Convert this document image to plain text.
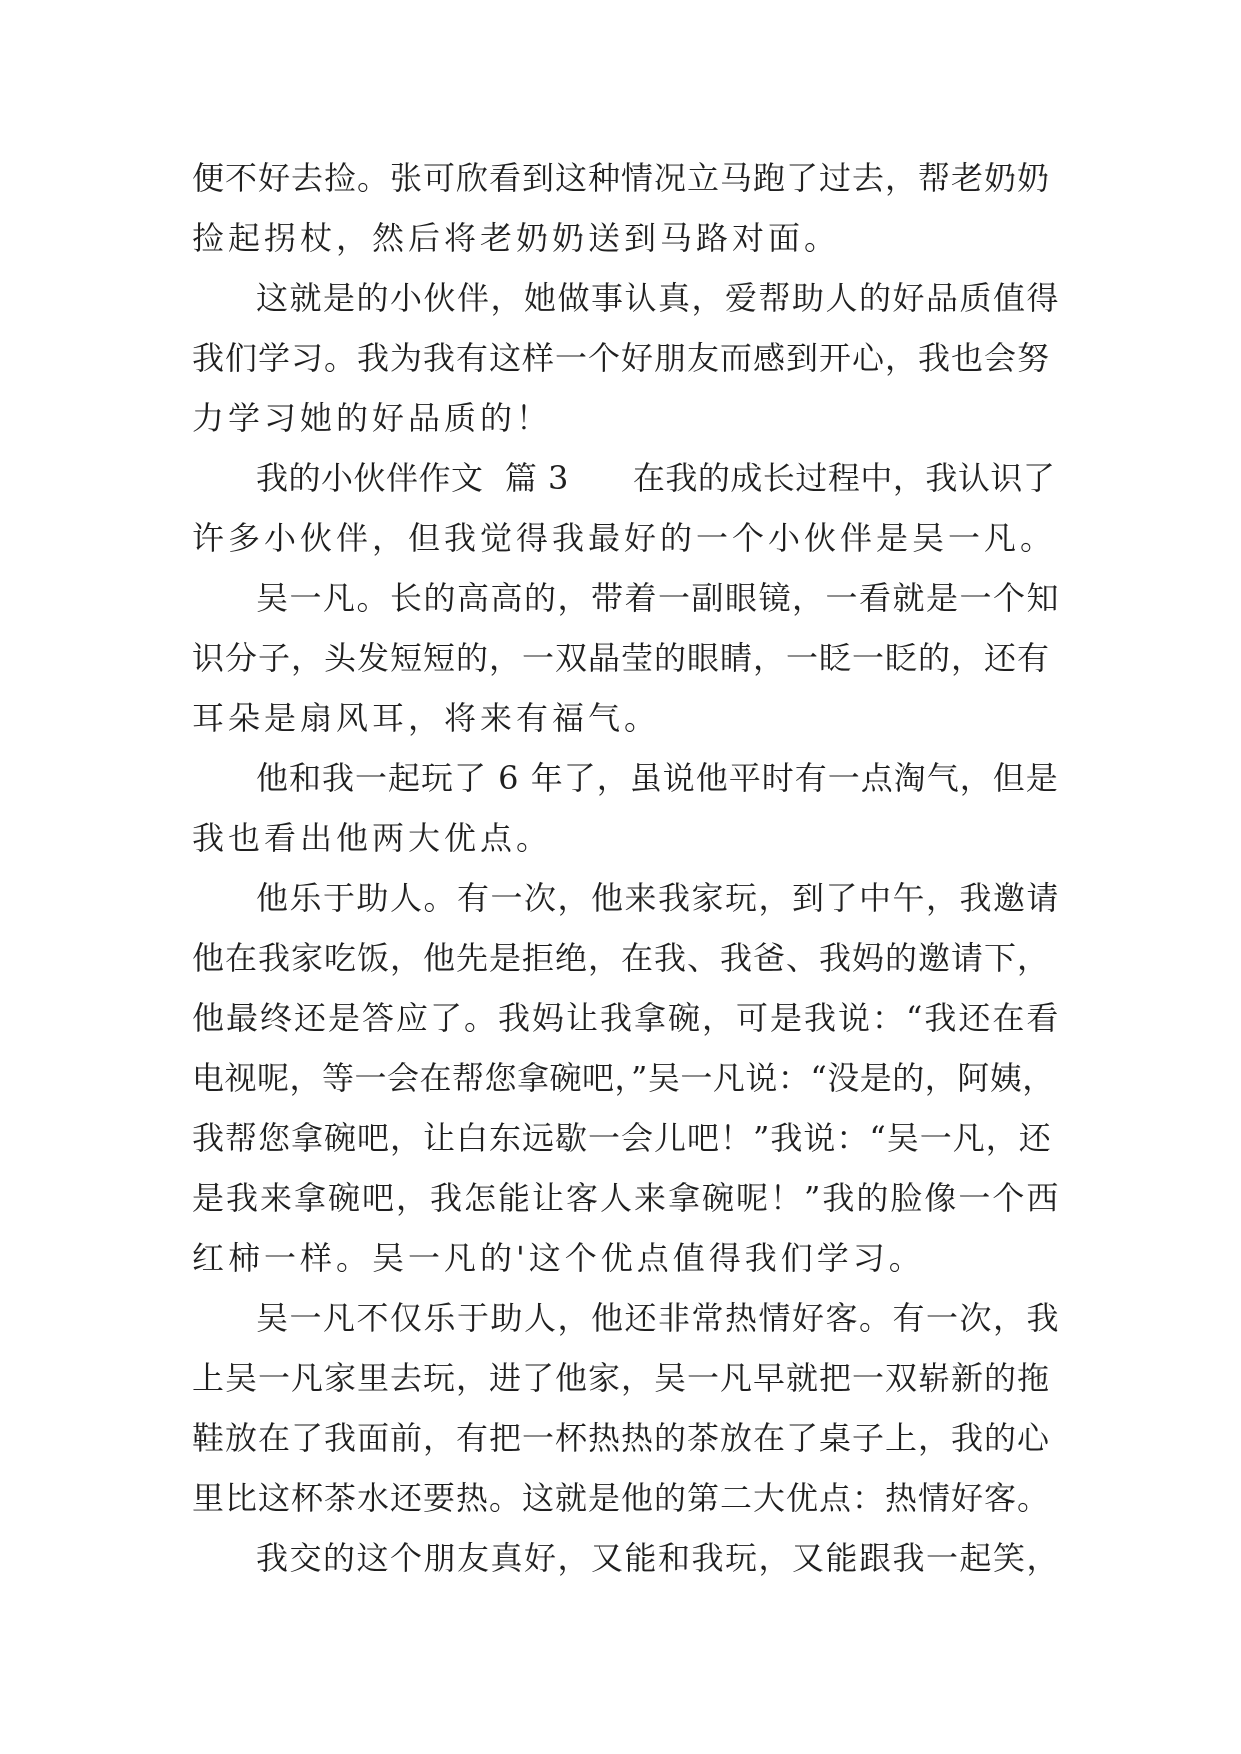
便不好去捡。张可欣看到这种情况立马跑了过去，帮老奶奶
捡起拐杖，然后将老奶奶送到马路对面。
这就是的小伙伴，她做事认真，爱帮助人的好品质值得
我们学习。我为我有这样一个好朋友而感到开心，我也会努
力学习她的好品质的！
我的小伙伴作文  篇 3      在我的成长过程中，我认识了
许多小伙伴，但我觉得我最好的一个小伙伴是吴一凡。
吴一凡。长的高高的，带着一副眼镜，一看就是一个知
识分子，头发短短的，一双晶莹的眼睛，一眨一眨的，还有
耳朵是扇风耳，将来有福气。
他和我一起玩了 6 年了，虽说他平时有一点淘气，但是
我也看出他两大优点。
他乐于助人。有一次，他来我家玩，到了中午，我邀请
他在我家吃饭，他先是拒绝，在我、我爸、我妈的邀请下，
他最终还是答应了。我妈让我拿碗，可是我说：“我还在看
电视呢，等一会在帮您拿碗吧，”吴一凡说：“没是的，阿姨，
我帮您拿碗吧，让白东远歇一会儿吧！”我说：“吴一凡，还
是我来拿碗吧，我怎能让客人来拿碗呢！”我的脸像一个西
红柿一样。吴一凡的'这个优点值得我们学习。
吴一凡不仅乐于助人，他还非常热情好客。有一次，我
上吴一凡家里去玩，进了他家，吴一凡早就把一双崭新的拖
鞋放在了我面前，有把一杯热热的茶放在了桌子上，我的心
里比这杯茶水还要热。这就是他的第二大优点：热情好客。
我交的这个朋友真好，又能和我玩，又能跟我一起笑，
